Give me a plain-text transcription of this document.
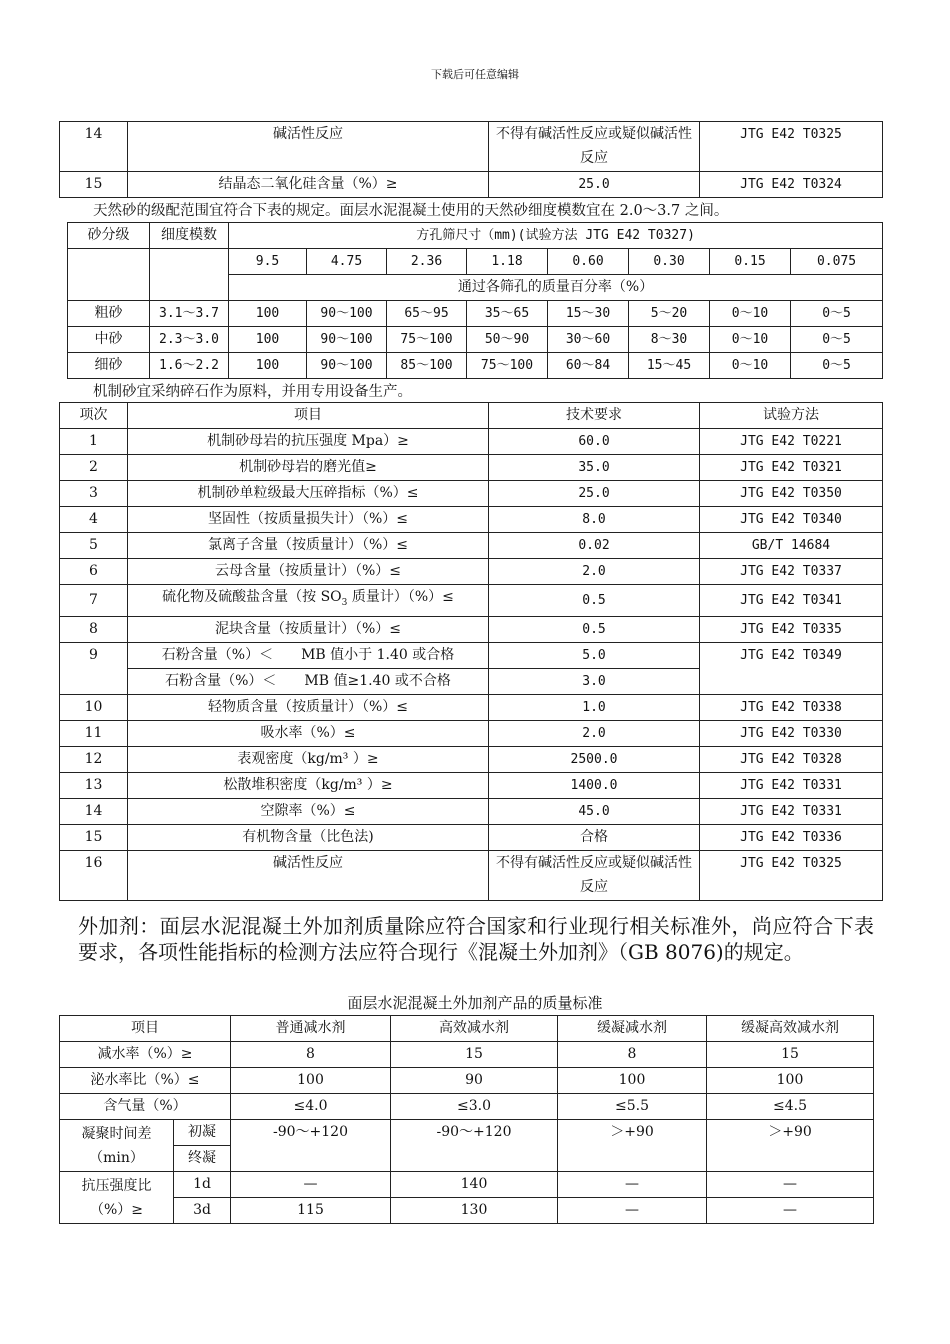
下载后可任意编辑
14	碱活性反应	不得有碱活性反应或疑似碱活性反应	JTG E42 T0325
15	结晶态二氧化硅含量（%）≥	25.0	JTG E42 T0324
天然砂的级配范围宜符合下表的规定。面层水泥混凝土使用的天然砂细度模数宜在 2.0～3.7 之间。
砂分级	细度模数	方孔筛尺寸（mm)(试验方法 JTG E42 T0327)							
		9.5	4.75	2.36	1.18	0.60	0.30	0.15	0.075
		通过各筛孔的质量百分率（%）							
粗砂	3.1～3.7	100	90～100	65～95	35～65	15～30	5～20	0～10	0～5
中砂	2.3～3.0	100	90～100	75～100	50～90	30～60	8～30	0～10	0～5
细砂	1.6～2.2	100	90～100	85～100	75～100	60～84	15～45	0～10	0～5
机制砂宜采纳碎石作为原料，并用专用设备生产。
项次	项目	技术要求	试验方法
1	机制砂母岩的抗压强度 Mpa）≥	60.0	JTG E42 T0221
2	机制砂母岩的磨光值≥	35.0	JTG E42 T0321
3	机制砂单粒级最大压碎指标（%）≤	25.0	JTG E42 T0350
4	坚固性（按质量损失计）（%）≤	8.0	JTG E42 T0340
5	氯离子含量（按质量计）（%）≤	0.02	GB/T 14684
6	云母含量（按质量计）（%）≤	2.0	JTG E42 T0337
7	硫化物及硫酸盐含量（按 $SO_3$ 质量计）（%）≤	0.5	JTG E42 T0341
8	泥块含量（按质量计）（%）≤	0.5	JTG E42 T0335
9	石粉含量（%）＜　　MB 值小于 1.40 或合格	5.0	JTG E42 T0349
	石粉含量（%）＜　　MB 值≥1.40 或不合格	3.0	
10	轻物质含量（按质量计）（%）≤	1.0	JTG E42 T0338
11	吸水率（%）≤	2.0	JTG E42 T0330
12	表观密度（kg/m³ ）≥	2500.0	JTG E42 T0328
13	松散堆积密度（kg/m³ ）≥	1400.0	JTG E42 T0331
14	空隙率（%）≤	45.0	JTG E42 T0331
15	有机物含量（比色法)	合格	JTG E42 T0336
16	碱活性反应	不得有碱活性反应或疑似碱活性反应	JTG E42 T0325
外加剂：面层水泥混凝土外加剂质量除应符合国家和行业现行相关标准外，尚应符合下表要求，各项性能指标的检测方法应符合现行《混凝土外加剂》（GB 8076)的规定。
面层水泥混凝土外加剂产品的质量标准
项目		普通减水剂	高效减水剂	缓凝减水剂	缓凝高效减水剂
减水率（%）≥		8	15	8	15
泌水率比（%）≤		100	90	100	100
含气量（%）		≤4.0	≤3.0	≤5.5	≤4.5
凝聚时间差
（min）	初凝	-90～+120	-90～+120	＞+90	＞+90
	终凝				
抗压强度比
（%）≥	1d	—	140	—	—
	3d	115	130	—	—
